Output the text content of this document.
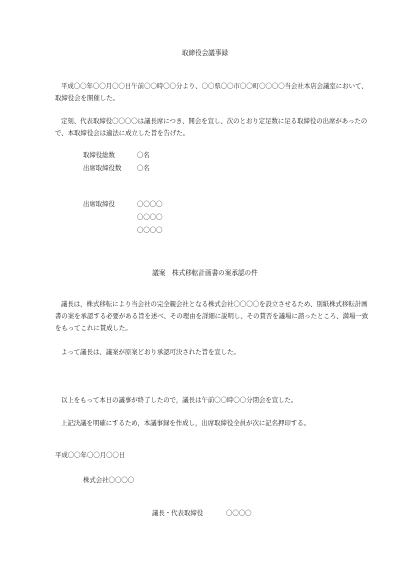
取締役会議事録
平成〇〇年〇〇月〇〇日午前〇〇時〇〇分より、〇〇県〇〇市〇〇町〇〇〇〇当会社本店会議室において、取締役会を開催した。
定刻、代表取締役〇〇〇〇は議長席につき、開会を宣し、次のとおり定足数に足る取締役の出席があったので、本取締役会は適法に成立した旨を告げた。
取締役総数	〇名
出席取締役数 〇名
出席取締役	〇〇〇〇
〇〇〇〇
〇〇〇〇
議案　株式移転計画書の案承認の件
議長は，株式移転により当会社の完全親会社となる株式会社〇〇〇〇を設立させるため、別紙株式移転計画書の案を承認する必要がある旨を述べ、その理由を詳細に説明し、その賛否を議場に諮ったところ、満場一致をもってこれに賛成した。
よって議長は、議案が原案どおり承認可決された旨を宣した。
以上をもって本日の議事が終了したので，議長は午前〇〇時〇〇分閉会を宣した。
上記決議を明確にするため，本議事録を作成し，出席取締役全員が次に記名押印する。
平成〇〇年〇〇月〇〇日
株式会社〇〇〇〇
議長・代表取締役	〇〇〇〇
